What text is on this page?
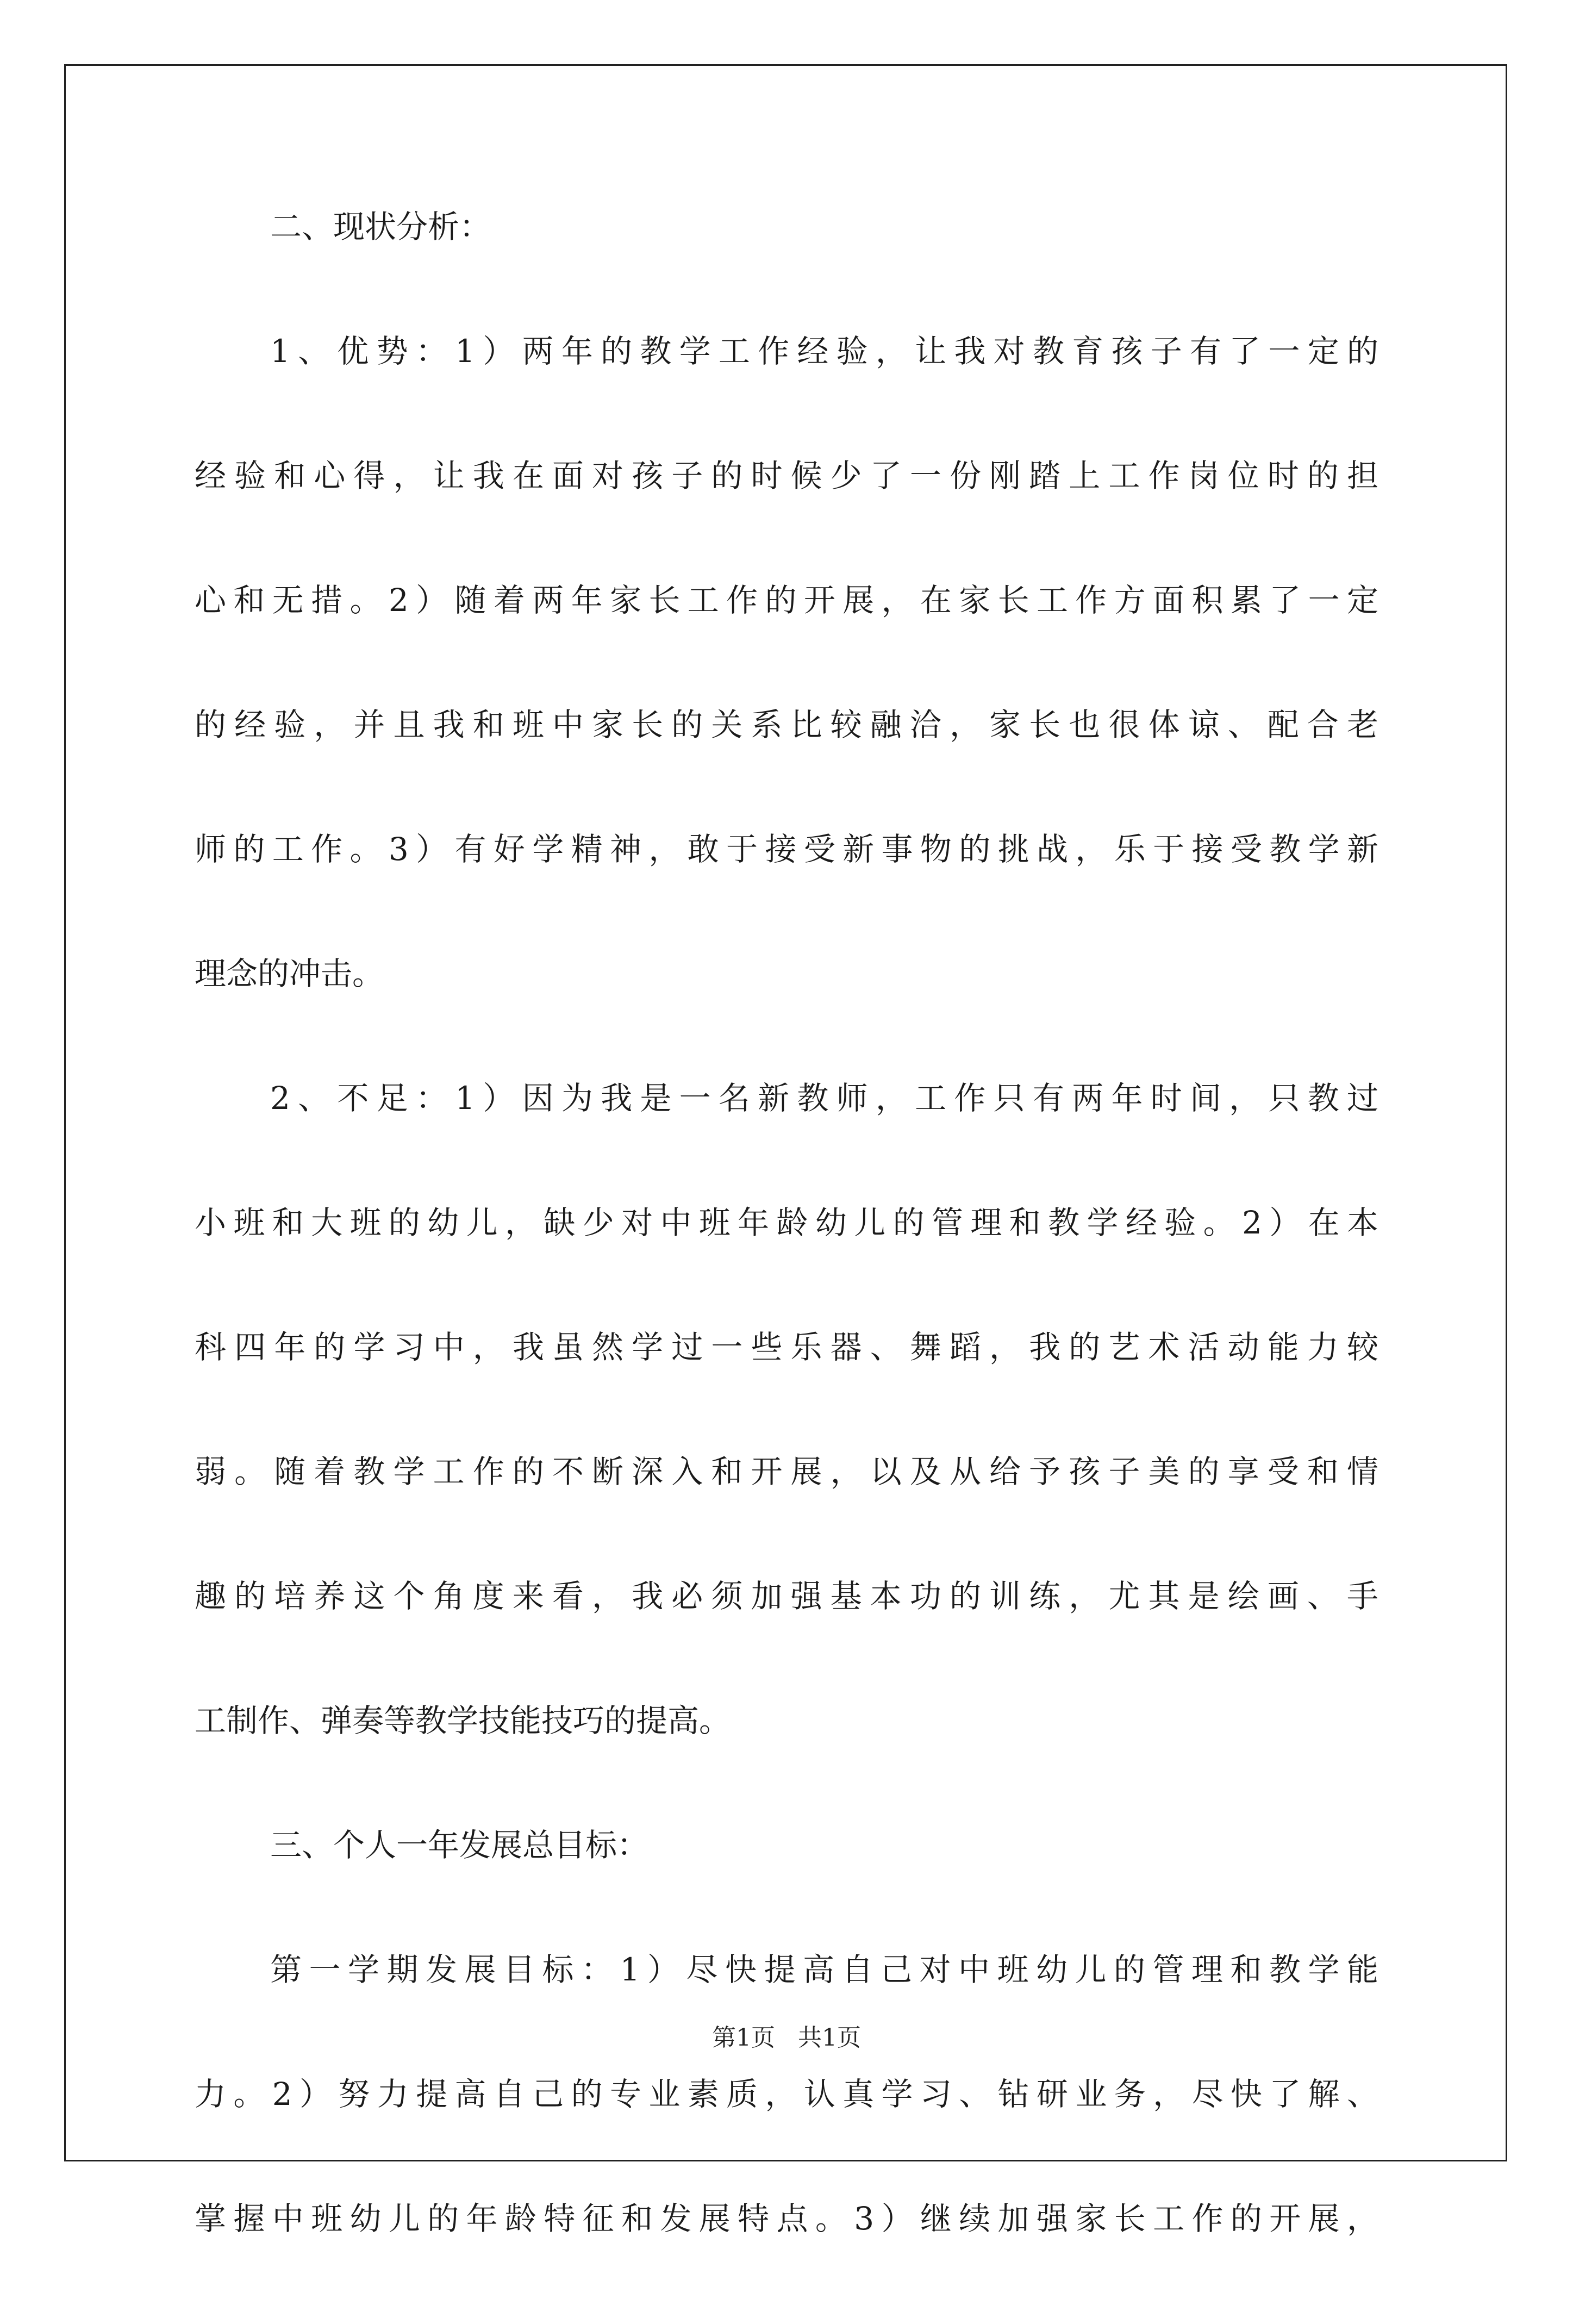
二、现状分析：
1、优势：1）两年的教学工作经验，让我对教育孩子有了一定的
经验和心得，让我在面对孩子的时候少了一份刚踏上工作岗位时的担
心和无措。2）随着两年家长工作的开展，在家长工作方面积累了一定
的经验，并且我和班中家长的关系比较融洽，家长也很体谅、配合老
师的工作。3）有好学精神，敢于接受新事物的挑战，乐于接受教学新
理念的冲击。
2、不足：1）因为我是一名新教师，工作只有两年时间，只教过
小班和大班的幼儿，缺少对中班年龄幼儿的管理和教学经验。2）在本
科四年的学习中，我虽然学过一些乐器、舞蹈，我的艺术活动能力较
弱。随着教学工作的不断深入和开展，以及从给予孩子美的享受和情
趣的培养这个角度来看，我必须加强基本功的训练，尤其是绘画、手
工制作、弹奏等教学技能技巧的提高。
三、个人一年发展总目标：
第一学期发展目标：1）尽快提高自己对中班幼儿的管理和教学能
力。2）努力提高自己的专业素质，认真学习、钻研业务，尽快了解、
掌握中班幼儿的年龄特征和发展特点。3）继续加强家长工作的开展，
第1页   共1页
